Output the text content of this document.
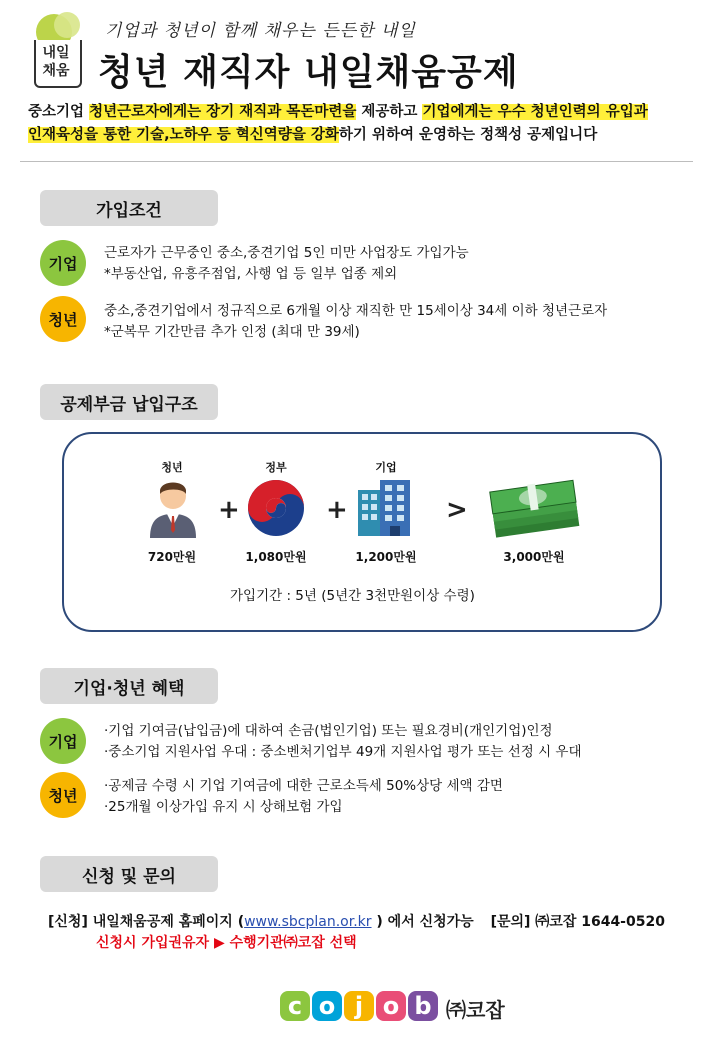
내일
채움
기업과 청년이 함께 채우는 든든한 내일
청년 재직자 내일채움공제
중소기업 청년근로자에게는 장기 재직과 목돈마련을 제공하고 기업에게는 우수 청년인력의 유입과
인재육성을 통한 기술,노하우 등 혁신역량을 강화하기 위하여 운영하는 정책성 공제입니다
가입조건
기업
근로자가 근무중인 중소,중견기업 5인 미만 사업장도 가입가능
*부동산업, 유흥주점업, 사행 업 등 일부 업종 제외
청년	중소,중견기업에서 정규직으로 6개월 이상 재직한 만 15세이상 34세 이하 청년근로자
*군복무 기간만큼 추가 인정 (최대 만 39세)
공제부금 납입구조
청년
720만원
+
정부
1,080만원
+
기업
1,200만원
>
3,000만원
가입기간 : 5년 (5년간 3천만원이상 수령)
기업·청년 혜택
기업
·기업 기여금(납입금)에 대하여 손금(법인기업) 또는 필요경비(개인기업)인정
·중소기업 지원사업 우대 : 중소벤처기업부 49개 지원사업 평가 또는 선정 시 우대
청년
·공제금 수령 시 기업 기여금에 대한 근로소득세 50%상당 세액 감면
·25개월 이상가입 유지 시 상해보험 가입
신청 및 문의
[신청] 내일채움공제 홈페이지 (www.sbcplan.or.kr ) 에서 신청가능 [문의] ㈜코잡 1644-0520
신청시 가입권유자 ▶ 수행기관㈜코잡 선택
c o j o b ㈜코잡
